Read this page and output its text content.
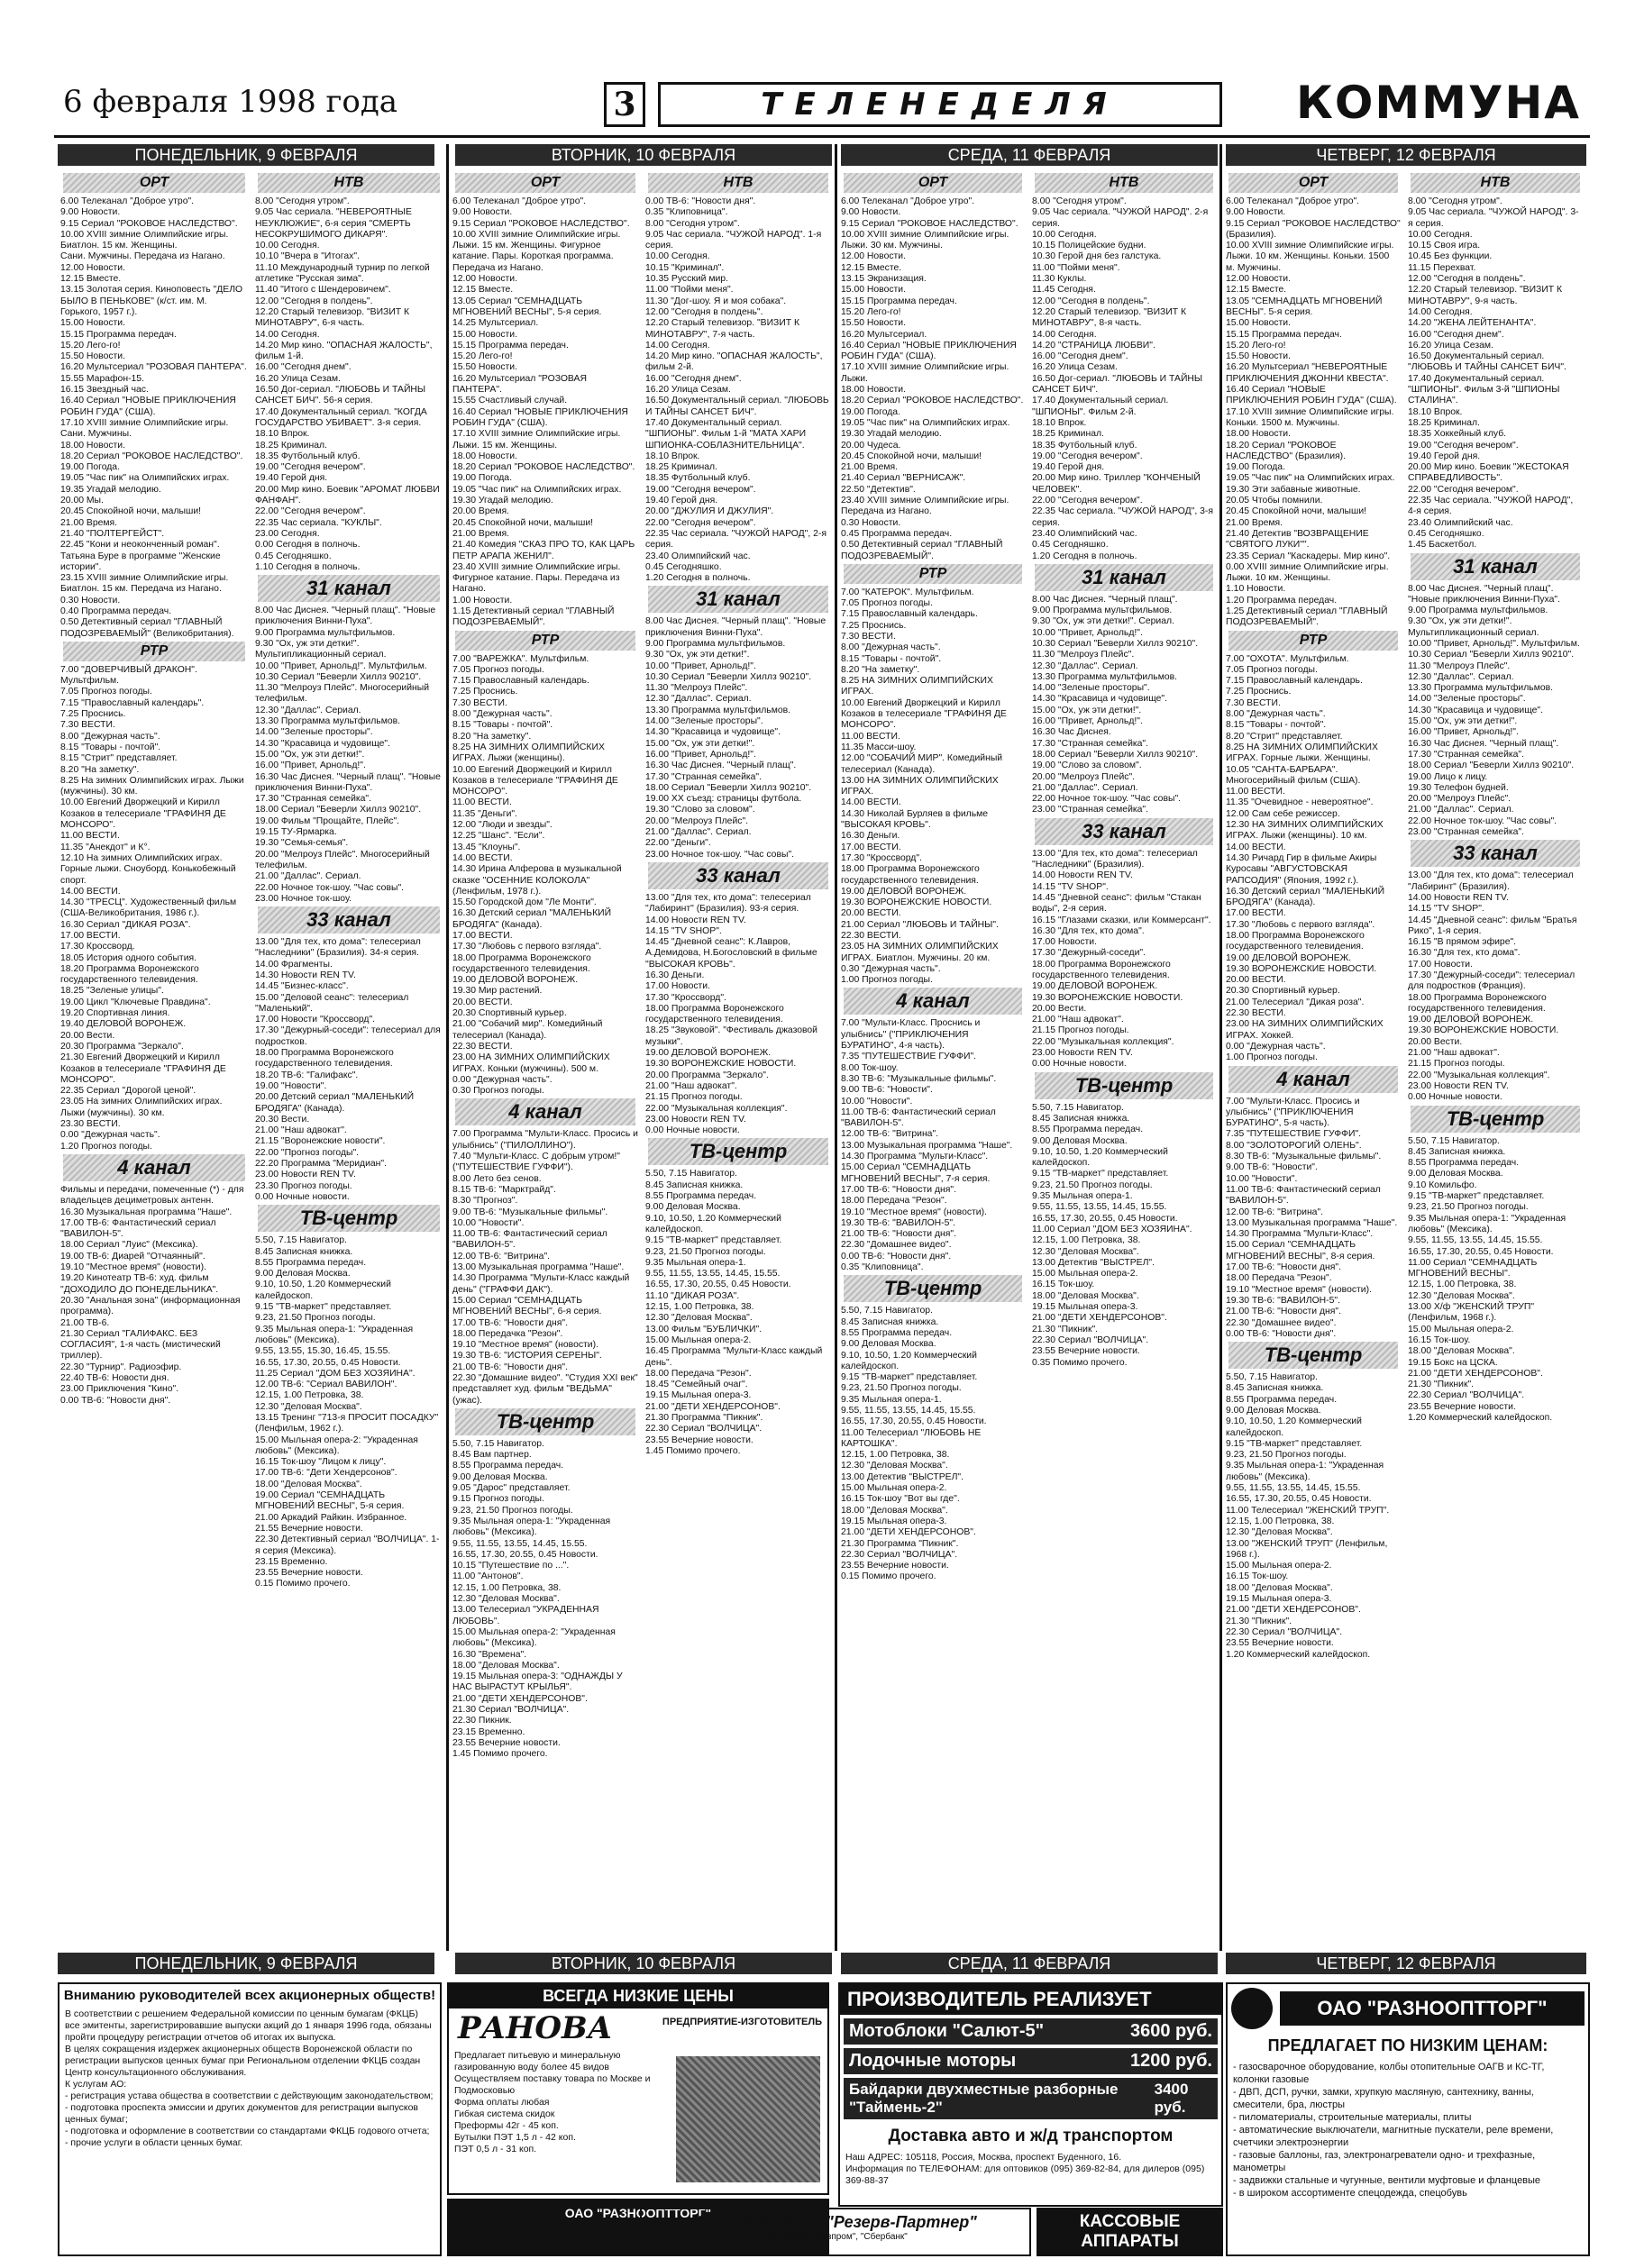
6 февраля 1998 года	3	ТЕЛЕНЕДЕЛЯ	КОММУНА
ПОНЕДЕЛЬНИК, 9 ФЕВРАЛЯ	ВТОРНИК, 10 ФЕВРАЛЯ	СРЕДА, 11 ФЕВРАЛЯ	ЧЕТВЕРГ, 12 ФЕВРАЛЯ
ОРТ
6.00 Телеканал "Доброе утро".
9.00 Новости.
9.15 Сериал "РОКОВОЕ НАСЛЕДСТВО".
10.00 XVIII зимние Олимпийские игры. Биатлон. 15 км. Женщины.
Сани. Мужчины. Передача из Нагано.
12.00 Новости.
12.15 Вместе.
13.15 Золотая серия. Киноповесть "ДЕЛО БЫЛО В ПЕНЬКОВЕ" (к/ст. им. М. Горького, 1957 г.).
15.00 Новости.
15.15 Программа передач.
15.20 Лего-го!
15.50 Новости.
16.20 Мультсериал "РОЗОВАЯ ПАНТЕРА".
15.55 Марафон-15.
16.15 Звездный час.
16.40 Сериал "НОВЫЕ ПРИКЛЮЧЕНИЯ РОБИН ГУДА" (США).
17.10 XVIII зимние Олимпийские игры. Сани. Мужчины.
18.00 Новости.
18.20 Сериал "РОКОВОЕ НАСЛЕДСТВО".
19.00 Погода.
19.05 "Час пик" на Олимпийских играх.
19.35 Угадай мелодию.
20.00 Мы.
20.45 Спокойной ночи, малыши!
21.00 Время.
21.40 "ПОЛТЕРГЕЙСТ".
22.45 "Кони и неоконченный роман". Татьяна Буре в программе "Женские истории".
23.15 XVIII зимние Олимпийские игры. Биатлон. 15 км. Передача из Нагано.
0.30 Новости.
0.40 Программа передач.
0.50 Детективный сериал "ГЛАВНЫЙ ПОДОЗРЕВАЕМЫЙ" (Великобритания).
РТР
7.00 "ДОВЕРЧИВЫЙ ДРАКОН". Мультфильм.
7.05 Прогноз погоды.
7.15 "Православный календарь".
7.25 Проснись.
7.30 ВЕСТИ.
8.00 "Дежурная часть".
8.15 "Товары - почтой".
8.15 "Стрит" представляет.
8.20 "На заметку".
8.25 На зимних Олимпийских играх. Лыжи (мужчины). 30 км.
10.00 Евгений Дворжецкий и Кирилл Козаков в телесериале "ГРАФИНЯ ДЕ МОНСОРО".
11.00 ВЕСТИ.
11.35 "Анекдот" и К°.
12.10 На зимних Олимпийских играх. Горные лыжи. Сноуборд. Конькобежный спорт.
14.00 ВЕСТИ.
14.30 "ТРЕСЦ". Художественный фильм (США-Великобритания, 1986 г.).
16.30 Сериал "ДИКАЯ РОЗА".
17.00 ВЕСТИ.
17.30 Кроссворд.
18.05 История одного события.
18.20 Программа Воронежского государственного телевидения.
18.25 "Зеленые улицы".
19.00 Цикл "Ключевые Правдина".
19.20 Спортивная линия.
19.40 ДЕЛОВОЙ ВОРОНЕЖ.
20.00 Вести.
20.30 Программа "Зеркало".
21.30 Евгений Дворжецкий и Кирилл Козаков в телесериале "ГРАФИНЯ ДЕ МОНСОРО".
22.35 Сериал "Дорогой ценой".
23.05 На зимних Олимпийских играх. Лыжи (мужчины). 30 км.
23.30 ВЕСТИ.
0.00 "Дежурная часть".
1.20 Прогноз погоды.
4 канал
Фильмы и передачи, помеченные (*) - для владельцев дециметровых антенн.
16.30 Музыкальная программа "Наше".
17.00 ТВ-6: Фантастический сериал "ВАВИЛОН-5".
18.00 Сериал "Луис" (Мексика).
19.00 ТВ-6: Диарей "Отчаянный".
19.10 "Местное время" (новости).
19.20 Кинотеатр ТВ-6: худ. фильм "ДОХОДИЛО ДО ПОНЕДЕЛЬНИКА".
20.30 "Анальная зона" (информационная программа).
21.00 ТВ-6.
21.30 Сериал "ГАЛИФАКС. БЕЗ СОГЛАСИЯ", 1-я часть (мистический триллер).
22.30 "Турнир". Радиоэфир.
22.40 ТВ-6: Новости дня.
23.00 Приключения "Кино".
0.00 ТВ-6: "Новости дня".
НТВ
8.00 "Сегодня утром".
9.05 Час сериала. "НЕВЕРОЯТНЫЕ НЕУКЛЮЖИЕ", 6-я серия "СМЕРТЬ НЕСОКРУШИМОГО ДИКАРЯ".
10.00 Сегодня.
10.10 "Вчера в "Итогах".
11.10 Международный турнир по легкой атлетике "Русская зима".
11.40 "Итого с Шендеровичем".
12.00 "Сегодня в полдень".
12.20 Старый телевизор. "ВИЗИТ К МИНОТАВРУ", 6-я часть.
14.00 Сегодня.
14.20 Мир кино. "ОПАСНАЯ ЖАЛОСТЬ", фильм 1-й.
16.00 "Сегодня днем".
16.20 Улица Сезам.
16.50 Дог-сериал. "ЛЮБОВЬ И ТАЙНЫ САНСЕТ БИЧ". 56-я серия.
17.40 Документальный сериал. "КОГДА ГОСУДАРСТВО УБИВАЕТ". 3-я серия.
18.10 Впрок.
18.25 Криминал.
18.35 Футбольный клуб.
19.00 "Сегодня вечером".
19.40 Герой дня.
20.00 Мир кино. Боевик "АРОМАТ ЛЮБВИ ФАНФАН".
22.00 "Сегодня вечером".
22.35 Час сериала. "КУКЛЫ".
23.00 Сегодня.
0.00 Сегодня в полночь.
0.45 Сегодняшко.
1.10 Сегодня в полночь.
31 канал
8.00 Час Диснея. "Черный плащ". "Новые приключения Винни-Пуха".
9.00 Программа мультфильмов.
9.30 "Ох, уж эти детки!". Мультипликационный сериал.
10.00 "Привет, Арнольд!". Мультфильм.
10.30 Сериал "Беверли Хиллз 90210".
11.30 "Мелроуз Плейс". Многосерийный телефильм.
12.30 "Даллас". Сериал.
13.30 Программа мультфильмов.
14.00 "Зеленые просторы".
14.30 "Красавица и чудовище".
15.00 "Ох, уж эти детки!".
16.00 "Привет, Арнольд!".
16.30 Час Диснея. "Черный плащ". "Новые приключения Винни-Пуха".
17.30 "Странная семейка".
18.00 Сериал "Беверли Хиллз 90210".
19.00 Фильм "Прощайте, Плейс".
19.15 ТУ-Ярмарка.
19.30 "Семья-семья".
20.00 "Мелроуз Плейс". Многосерийный телефильм.
21.00 "Даллас". Сериал.
22.00 Ночное ток-шоу. "Час совы".
23.00 Ночное ток-шоу.
33 канал
13.00 "Для тех, кто дома": телесериал "Наследники" (Бразилия). 34-я серия.
14.00 Фрагменты.
14.30 Новости REN TV.
14.45 "Бизнес-класс".
15.00 "Деловой сеанс": телесериал "Маленький".
17.00 Новости "Кроссворд".
17.30 "Дежурный-соседи": телесериал для подростков.
18.00 Программа Воронежского государственного телевидения.
18.20 ТВ-6: "Галифакс".
19.00 "Новости".
20.00 Детский сериал "МАЛЕНЬКИЙ БРОДЯГА" (Канада).
20.30 Вести.
21.00 "Наш адвокат".
21.15 "Воронежские новости".
22.00 "Прогноз погоды".
22.20 Программа "Меридиан".
23.00 Новости REN TV.
23.30 Прогноз погоды.
0.00 Ночные новости.
ТВ-центр
5.50, 7.15 Навигатор.
8.45 Записная книжка.
8.55 Программа передач.
9.00 Деловая Москва.
9.10, 10.50, 1.20 Коммерческий калейдоскоп.
9.15 "ТВ-маркет" представляет.
9.23, 21.50 Прогноз погоды.
9.35 Мыльная опера-1: "Украденная любовь" (Мексика).
9.55, 13.55, 15.30, 16.45, 15.55.
16.55, 17.30, 20.55, 0.45 Новости.
11.25 Сериал "ДОМ БЕЗ ХОЗЯИНА".
12.00 ТВ-6: "Сериал ВАВИЛОН".
12.15, 1.00 Петровка, 38.
12.30 "Деловая Москва".
13.15 Тренинг "713-я ПРОСИТ ПОСАДКУ" (Ленфильм, 1962 г.).
15.00 Мыльная опера-2: "Украденная любовь" (Мексика).
16.15 Ток-шоу "Лицом к лицу".
17.00 ТВ-6: "Дети Хендерсонов".
18.00 "Деловая Москва".
19.00 Сериал "СЕМНАДЦАТЬ МГНОВЕНИЙ ВЕСНЫ", 5-я серия.
21.00 Аркадий Райкин. Избранное.
21.55 Вечерние новости.
22.30 Детективный сериал "ВОЛЧИЦА". 1-я серия (Мексика).
23.15 Временно.
23.55 Вечерние новости.
0.15 Помимо прочего.
ОРТ
6.00 Телеканал "Доброе утро".
9.00 Новости.
9.15 Сериал "РОКОВОЕ НАСЛЕДСТВО".
10.00 XVIII зимние Олимпийские игры. Лыжи. 15 км. Женщины. Фигурное катание. Пары. Короткая программа. Передача из Нагано.
12.00 Новости.
12.15 Вместе.
13.05 Сериал "СЕМНАДЦАТЬ МГНОВЕНИЙ ВЕСНЫ", 5-я серия.
14.25 Мультсериал.
15.00 Новости.
15.15 Программа передач.
15.20 Лего-го!
15.50 Новости.
16.20 Мультсериал "РОЗОВАЯ ПАНТЕРА".
15.55 Счастливый случай.
16.40 Сериал "НОВЫЕ ПРИКЛЮЧЕНИЯ РОБИН ГУДА" (США).
17.10 XVIII зимние Олимпийские игры. Лыжи. 15 км. Женщины.
18.00 Новости.
18.20 Сериал "РОКОВОЕ НАСЛЕДСТВО".
19.00 Погода.
19.05 "Час пик" на Олимпийских играх.
19.30 Угадай мелодию.
20.00 Время.
20.45 Спокойной ночи, малыши!
21.00 Время.
21.40 Комедия "СКАЗ ПРО ТО, КАК ЦАРЬ ПЕТР АРАПА ЖЕНИЛ".
23.40 XVIII зимние Олимпийские игры. Фигурное катание. Пары. Передача из Нагано.
1.00 Новости.
1.15 Детективный сериал "ГЛАВНЫЙ ПОДОЗРЕВАЕМЫЙ".
РТР
7.00 "ВАРЕЖКА". Мультфильм.
7.05 Прогноз погоды.
7.15 Православный календарь.
7.25 Проснись.
7.30 ВЕСТИ.
8.00 "Дежурная часть".
8.15 "Товары - почтой".
8.20 "На заметку".
8.25 НА ЗИМНИХ ОЛИМПИЙСКИХ ИГРАХ. Лыжи (женщины).
10.00 Евгений Дворжецкий и Кирилл Козаков в телесериале "ГРАФИНЯ ДЕ МОНСОРО".
11.00 ВЕСТИ.
11.35 "Деньги".
12.00 "Люди и звезды".
12.25 "Шанс". "Если".
13.45 "Клоуны".
14.00 ВЕСТИ.
14.30 Ирина Алферова в музыкальной сказке "ОСЕННИЕ КОЛОКОЛА" (Ленфильм, 1978 г.).
15.50 Городской дом "Ле Монти".
16.30 Детский сериал "МАЛЕНЬКИЙ БРОДЯГА" (Канада).
17.00 ВЕСТИ.
17.30 "Любовь с первого взгляда".
18.00 Программа Воронежского государственного телевидения.
19.00 ДЕЛОВОЙ ВОРОНЕЖ.
19.30 Мир растений.
20.00 ВЕСТИ.
20.30 Спортивный курьер.
21.00 "Собачий мир". Комедийный телесериал (Канада).
22.30 ВЕСТИ.
23.00 НА ЗИМНИХ ОЛИМПИЙСКИХ ИГРАХ. Коньки (мужчины). 500 м.
0.00 "Дежурная часть".
0.30 Прогноз погоды.
4 канал
7.00 Программа "Мульти-Класс. Просись и улыбнись" ("ПИЛОЛЛИНО").
7.40 "Мульти-Класс. С добрым утром!" ("ПУТЕШЕСТВИЕ ГУФФИ").
8.00 Лето без сенов.
8.15 ТВ-6: "Марктрайд".
8.30 "Прогноз".
9.00 ТВ-6: "Музыкальные фильмы".
10.00 "Новости".
11.00 ТВ-6: Фантастический сериал "ВАВИЛОН-5".
12.00 ТВ-6: "Витрина".
13.00 Музыкальная программа "Наше".
14.30 Программа "Мульти-Класс каждый день" ("ГРАФФИ ДАК").
15.00 Сериал "СЕМНАДЦАТЬ МГНОВЕНИЙ ВЕСНЫ", 6-я серия.
17.00 ТВ-6: "Новости дня".
18.00 Передачка "Резон".
19.10 "Местное время" (новости).
19.30 ТВ-6: "ИСТОРИЯ СЕРЕНЫ".
21.00 ТВ-6: "Новости дня".
22.30 "Домашние видео". "Студия XXI век" представляет худ. фильм "ВЕДЬМА" (ужас).
ТВ-центр
5.50, 7.15 Навигатор.
8.45 Вам партнер.
8.55 Программа передач.
9.00 Деловая Москва.
9.05 "Дарос" представляет.
9.15 Прогноз погоды.
9.23, 21.50 Прогноз погоды.
9.35 Мыльная опера-1: "Украденная любовь" (Мексика).
9.55, 11.55, 13.55, 14.45, 15.55.
16.55, 17.30, 20.55, 0.45 Новости.
10.15 "Путешествие по ...".
11.00 "Антонов".
12.15, 1.00 Петровка, 38.
12.30 "Деловая Москва".
13.00 Телесериал "УКРАДЕННАЯ ЛЮБОВЬ".
15.00 Мыльная опера-2: "Украденная любовь" (Мексика).
16.30 "Времена".
18.00 "Деловая Москва".
19.15 Мыльная опера-3: "ОДНАЖДЫ У НАС ВЫРАСТУТ КРЫЛЬЯ".
21.00 "ДЕТИ ХЕНДЕРСОНОВ".
21.30 Сериал "ВОЛЧИЦА".
22.30 Пикник.
23.15 Временно.
23.55 Вечерние новости.
1.45 Помимо прочего.
НТВ
0.00 ТВ-6: "Новости дня".
0.35 "Клиповница".
8.00 "Сегодня утром".
9.05 Час сериала. "ЧУЖОЙ НАРОД". 1-я серия.
10.00 Сегодня.
10.15 "Криминал".
10.35 Русский мир.
11.00 "Пойми меня".
11.30 "Дог-шоу. Я и моя собака".
12.00 "Сегодня в полдень".
12.20 Старый телевизор. "ВИЗИТ К МИНОТАВРУ", 7-я часть.
14.00 Сегодня.
14.20 Мир кино. "ОПАСНАЯ ЖАЛОСТЬ", фильм 2-й.
16.00 "Сегодня днем".
16.20 Улица Сезам.
16.50 Документальный сериал. "ЛЮБОВЬ И ТАЙНЫ САНСЕТ БИЧ".
17.40 Документальный сериал. "ШПИОНЫ". Фильм 1-й "МАТА ХАРИ ШПИОНКА-СОБЛАЗНИТЕЛЬНИЦА".
18.10 Впрок.
18.25 Криминал.
18.35 Футбольный клуб.
19.00 "Сегодня вечером".
19.40 Герой дня.
20.00 "ДЖУЛИЯ И ДЖУЛИЯ".
22.00 "Сегодня вечером".
22.35 Час сериала. "ЧУЖОЙ НАРОД", 2-я серия.
23.40 Олимпийский час.
0.45 Сегодняшко.
1.20 Сегодня в полночь.
31 канал
8.00 Час Диснея. "Черный плащ". "Новые приключения Винни-Пуха".
9.00 Программа мультфильмов.
9.30 "Ох, уж эти детки!".
10.00 "Привет, Арнольд!".
10.30 Сериал "Беверли Хиллз 90210".
11.30 "Мелроуз Плейс".
12.30 "Даллас". Сериал.
13.30 Программа мультфильмов.
14.00 "Зеленые просторы".
14.30 "Красавица и чудовище".
15.00 "Ох, уж эти детки!".
16.00 "Привет, Арнольд!".
16.30 Час Диснея. "Черный плащ".
17.30 "Странная семейка".
18.00 Сериал "Беверли Хиллз 90210".
19.00 XX съезд: страницы футбола.
19.30 "Слово за словом".
20.00 "Мелроуз Плейс".
21.00 "Даллас". Сериал.
22.00 "Деньги".
23.00 Ночное ток-шоу. "Час совы".
33 канал
13.00 "Для тех, кто дома": телесериал "Лабиринт" (Бразилия). 93-я серия.
14.00 Новости REN TV.
14.15 "TV SHOP".
14.45 "Дневной сеанс": К.Лавров, А.Демидова, Н.Богословский в фильме "ВЫСОКАЯ КРОВЬ".
16.30 Деньги.
17.00 Новости.
17.30 "Кроссворд".
18.00 Программа Воронежского государственного телевидения.
18.25 "Звуковой". "Фестиваль джазовой музыки".
19.00 ДЕЛОВОЙ ВОРОНЕЖ.
19.30 ВОРОНЕЖСКИЕ НОВОСТИ.
20.00 Программа "Зеркало".
21.00 "Наш адвокат".
21.15 Прогноз погоды.
22.00 "Музыкальная коллекция".
23.00 Новости REN TV.
0.00 Ночные новости.
ТВ-центр
5.50, 7.15 Навигатор.
8.45 Записная книжка.
8.55 Программа передач.
9.00 Деловая Москва.
9.10, 10.50, 1.20 Коммерческий калейдоскоп.
9.15 "ТВ-маркет" представляет.
9.23, 21.50 Прогноз погоды.
9.35 Мыльная опера-1.
9.55, 11.55, 13.55, 14.45, 15.55.
16.55, 17.30, 20.55, 0.45 Новости.
11.10 "ДИКАЯ РОЗА".
12.15, 1.00 Петровка, 38.
12.30 "Деловая Москва".
13.00 Фильм "БУБЛИЧКИ".
15.00 Мыльная опера-2.
16.45 Программа "Мульти-Класс каждый день".
18.00 Передача "Резон".
18.45 "Семейный очаг".
19.15 Мыльная опера-3.
21.00 "ДЕТИ ХЕНДЕРСОНОВ".
21.30 Программа "Пикник".
22.30 Сериал "ВОЛЧИЦА".
23.55 Вечерние новости.
1.45 Помимо прочего.
ОРТ
6.00 Телеканал "Доброе утро".
9.00 Новости.
9.15 Сериал "РОКОВОЕ НАСЛЕДСТВО".
10.00 XVIII зимние Олимпийские игры. Лыжи. 30 км. Мужчины.
12.00 Новости.
12.15 Вместе.
13.15 Экранизация.
15.00 Новости.
15.15 Программа передач.
15.20 Лего-го!
15.50 Новости.
16.20 Мультсериал.
16.40 Сериал "НОВЫЕ ПРИКЛЮЧЕНИЯ РОБИН ГУДА" (США).
17.10 XVIII зимние Олимпийские игры. Лыжи.
18.00 Новости.
18.20 Сериал "РОКОВОЕ НАСЛЕДСТВО".
19.00 Погода.
19.05 "Час пик" на Олимпийских играх.
19.30 Угадай мелодию.
20.00 Чудеса.
20.45 Спокойной ночи, малыши!
21.00 Время.
21.40 Сериал "ВЕРНИСАЖ".
22.50 "Детектив".
23.40 XVIII зимние Олимпийские игры. Передача из Нагано.
0.30 Новости.
0.45 Программа передач.
0.50 Детективный сериал "ГЛАВНЫЙ ПОДОЗРЕВАЕМЫЙ".
РТР
7.00 "КАТЕРОК". Мультфильм.
7.05 Прогноз погоды.
7.15 Православный календарь.
7.25 Проснись.
7.30 ВЕСТИ.
8.00 "Дежурная часть".
8.15 "Товары - почтой".
8.20 "На заметку".
8.25 НА ЗИМНИХ ОЛИМПИЙСКИХ ИГРАХ.
10.00 Евгений Дворжецкий и Кирилл Козаков в телесериале "ГРАФИНЯ ДЕ МОНСОРО".
11.00 ВЕСТИ.
11.35 Масси-шоу.
12.00 "СОБАЧИЙ МИР". Комедийный телесериал (Канада).
13.00 НА ЗИМНИХ ОЛИМПИЙСКИХ ИГРАХ.
14.00 ВЕСТИ.
14.30 Николай Бурляев в фильме "ВЫСОКАЯ КРОВЬ".
16.30 Деньги.
17.00 ВЕСТИ.
17.30 "Кроссворд".
18.00 Программа Воронежского государственного телевидения.
19.00 ДЕЛОВОЙ ВОРОНЕЖ.
19.30 ВОРОНЕЖСКИЕ НОВОСТИ.
20.00 ВЕСТИ.
21.00 Сериал "ЛЮБОВЬ И ТАЙНЫ".
22.30 ВЕСТИ.
23.05 НА ЗИМНИХ ОЛИМПИЙСКИХ ИГРАХ. Биатлон. Мужчины. 20 км.
0.30 "Дежурная часть".
1.00 Прогноз погоды.
4 канал
7.00 "Мульти-Класс. Проснись и улыбнись" ("ПРИКЛЮЧЕНИЯ БУРАТИНО", 4-я часть).
7.35 "ПУТЕШЕСТВИЕ ГУФФИ".
8.00 Ток-шоу.
8.30 ТВ-6: "Музыкальные фильмы".
9.00 ТВ-6: "Новости".
10.00 "Новости".
11.00 ТВ-6: Фантастический сериал "ВАВИЛОН-5".
12.00 ТВ-6: "Витрина".
13.00 Музыкальная программа "Наше".
14.30 Программа "Мульти-Класс".
15.00 Сериал "СЕМНАДЦАТЬ МГНОВЕНИЙ ВЕСНЫ", 7-я серия.
17.00 ТВ-6: "Новости дня".
18.00 Передача "Резон".
19.10 "Местное время" (новости).
19.30 ТВ-6: "ВАВИЛОН-5".
21.00 ТВ-6: "Новости дня".
22.30 "Домашнее видео".
0.00 ТВ-6: "Новости дня".
0.35 "Клиповница".
ТВ-центр
5.50, 7.15 Навигатор.
8.45 Записная книжка.
8.55 Программа передач.
9.00 Деловая Москва.
9.10, 10.50, 1.20 Коммерческий калейдоскоп.
9.15 "ТВ-маркет" представляет.
9.23, 21.50 Прогноз погоды.
9.35 Мыльная опера-1.
9.55, 11.55, 13.55, 14.45, 15.55.
16.55, 17.30, 20.55, 0.45 Новости.
11.00 Телесериал "ЛЮБОВЬ НЕ КАРТОШКА".
12.15, 1.00 Петровка, 38.
12.30 "Деловая Москва".
13.00 Детектив "ВЫСТРЕЛ".
15.00 Мыльная опера-2.
16.15 Ток-шоу "Вот вы где".
18.00 "Деловая Москва".
19.15 Мыльная опера-3.
21.00 "ДЕТИ ХЕНДЕРСОНОВ".
21.30 Программа "Пикник".
22.30 Сериал "ВОЛЧИЦА".
23.55 Вечерние новости.
0.15 Помимо прочего.
НТВ
8.00 "Сегодня утром".
9.05 Час сериала. "ЧУЖОЙ НАРОД". 2-я серия.
10.00 Сегодня.
10.15 Полицейские будни.
10.30 Герой дня без галстука.
11.00 "Пойми меня".
11.30 Куклы.
11.45 Сегодня.
12.00 "Сегодня в полдень".
12.20 Старый телевизор. "ВИЗИТ К МИНОТАВРУ", 8-я часть.
14.00 Сегодня.
14.20 "СТРАНИЦА ЛЮБВИ".
16.00 "Сегодня днем".
16.20 Улица Сезам.
16.50 Дог-сериал. "ЛЮБОВЬ И ТАЙНЫ САНСЕТ БИЧ".
17.40 Документальный сериал. "ШПИОНЫ". Фильм 2-й.
18.10 Впрок.
18.25 Криминал.
18.35 Футбольный клуб.
19.00 "Сегодня вечером".
19.40 Герой дня.
20.00 Мир кино. Триллер "КОНЧЕНЫЙ ЧЕЛОВЕК".
22.00 "Сегодня вечером".
22.35 Час сериала. "ЧУЖОЙ НАРОД", 3-я серия.
23.40 Олимпийский час.
0.45 Сегодняшко.
1.20 Сегодня в полночь.
31 канал
8.00 Час Диснея. "Черный плащ".
9.00 Программа мультфильмов.
9.30 "Ох, уж эти детки!". Сериал.
10.00 "Привет, Арнольд!".
10.30 Сериал "Беверли Хиллз 90210".
11.30 "Мелроуз Плейс".
12.30 "Даллас". Сериал.
13.30 Программа мультфильмов.
14.00 "Зеленые просторы".
14.30 "Красавица и чудовище".
15.00 "Ох, уж эти детки!".
16.00 "Привет, Арнольд!".
16.30 Час Диснея.
17.30 "Странная семейка".
18.00 Сериал "Беверли Хиллз 90210".
19.00 "Слово за словом".
20.00 "Мелроуз Плейс".
21.00 "Даллас". Сериал.
22.00 Ночное ток-шоу. "Час совы".
23.00 "Странная семейка".
33 канал
13.00 "Для тех, кто дома": телесериал "Наследники" (Бразилия).
14.00 Новости REN TV.
14.15 "TV SHOP".
14.45 "Дневной сеанс": фильм "Стакан воды", 2-я серия.
16.15 "Глазами сказки, или Коммерсант".
16.30 "Для тех, кто дома".
17.00 Новости.
17.30 "Дежурный-соседи".
18.00 Программа Воронежского государственного телевидения.
19.00 ДЕЛОВОЙ ВОРОНЕЖ.
19.30 ВОРОНЕЖСКИЕ НОВОСТИ.
20.00 Вести.
21.00 "Наш адвокат".
21.15 Прогноз погоды.
22.00 "Музыкальная коллекция".
23.00 Новости REN TV.
0.00 Ночные новости.
ТВ-центр
5.50, 7.15 Навигатор.
8.45 Записная книжка.
8.55 Программа передач.
9.00 Деловая Москва.
9.10, 10.50, 1.20 Коммерческий калейдоскоп.
9.15 "ТВ-маркет" представляет.
9.23, 21.50 Прогноз погоды.
9.35 Мыльная опера-1.
9.55, 11.55, 13.55, 14.45, 15.55.
16.55, 17.30, 20.55, 0.45 Новости.
11.00 Сериал "ДОМ БЕЗ ХОЗЯИНА".
12.15, 1.00 Петровка, 38.
12.30 "Деловая Москва".
13.00 Детектив "ВЫСТРЕЛ".
15.00 Мыльная опера-2.
16.15 Ток-шоу.
18.00 "Деловая Москва".
19.15 Мыльная опера-3.
21.00 "ДЕТИ ХЕНДЕРСОНОВ".
21.30 "Пикник".
22.30 Сериал "ВОЛЧИЦА".
23.55 Вечерние новости.
0.35 Помимо прочего.
ОРТ
6.00 Телеканал "Доброе утро".
9.00 Новости.
9.15 Сериал "РОКОВОЕ НАСЛЕДСТВО" (Бразилия).
10.00 XVIII зимние Олимпийские игры. Лыжи. 10 км. Женщины. Коньки. 1500 м. Мужчины.
12.00 Новости.
12.15 Вместе.
13.05 "СЕМНАДЦАТЬ МГНОВЕНИЙ ВЕСНЫ". 5-я серия.
15.00 Новости.
15.15 Программа передач.
15.20 Лего-го!
15.50 Новости.
16.20 Мультсериал "НЕВЕРОЯТНЫЕ ПРИКЛЮЧЕНИЯ ДЖОННИ КВЕСТА".
16.40 Сериал "НОВЫЕ ПРИКЛЮЧЕНИЯ РОБИН ГУДА" (США).
17.10 XVIII зимние Олимпийские игры. Коньки. 1500 м. Мужчины.
18.00 Новости.
18.20 Сериал "РОКОВОЕ НАСЛЕДСТВО" (Бразилия).
19.00 Погода.
19.05 "Час пик" на Олимпийских играх.
19.30 Эти забавные животные.
20.05 Чтобы помнили.
20.45 Спокойной ночи, малыши!
21.00 Время.
21.40 Детектив "ВОЗВРАЩЕНИЕ "СВЯТОГО ЛУКИ"".
23.35 Сериал "Каскадеры. Мир кино".
0.00 XVIII зимние Олимпийские игры. Лыжи. 10 км. Женщины.
1.10 Новости.
1.20 Программа передач.
1.25 Детективный сериал "ГЛАВНЫЙ ПОДОЗРЕВАЕМЫЙ".
РТР
7.00 "ОХОТА". Мультфильм.
7.05 Прогноз погоды.
7.15 Православный календарь.
7.25 Проснись.
7.30 ВЕСТИ.
8.00 "Дежурная часть".
8.15 "Товары - почтой".
8.20 "Стрит" представляет.
8.25 НА ЗИМНИХ ОЛИМПИЙСКИХ ИГРАХ. Горные лыжи. Женщины.
10.05 "САНТА-БАРБАРА". Многосерийный фильм (США).
11.00 ВЕСТИ.
11.35 "Очевидное - невероятное".
12.00 Сам себе режиссер.
12.30 НА ЗИМНИХ ОЛИМПИЙСКИХ ИГРАХ. Лыжи (женщины). 10 км.
14.00 ВЕСТИ.
14.30 Ричард Гир в фильме Акиры Куросавы "АВГУСТОВСКАЯ РАПСОДИЯ" (Япония, 1992 г.).
16.30 Детский сериал "МАЛЕНЬКИЙ БРОДЯГА" (Канада).
17.00 ВЕСТИ.
17.30 "Любовь с первого взгляда".
18.00 Программа Воронежского государственного телевидения.
19.00 ДЕЛОВОЙ ВОРОНЕЖ.
19.30 ВОРОНЕЖСКИЕ НОВОСТИ.
20.00 ВЕСТИ.
20.30 Спортивный курьер.
21.00 Телесериал "Дикая роза".
22.30 ВЕСТИ.
23.00 НА ЗИМНИХ ОЛИМПИЙСКИХ ИГРАХ. Хоккей.
0.00 "Дежурная часть".
1.00 Прогноз погоды.
4 канал
7.00 "Мульти-Класс. Просись и улыбнись" ("ПРИКЛЮЧЕНИЯ БУРАТИНО", 5-я часть).
7.35 "ПУТЕШЕСТВИЕ ГУФФИ".
8.00 "ЗОЛОТОРОГИЙ ОЛЕНЬ".
8.30 ТВ-6: "Музыкальные фильмы".
9.00 ТВ-6: "Новости".
10.00 "Новости".
11.00 ТВ-6: Фантастический сериал "ВАВИЛОН-5".
12.00 ТВ-6: "Витрина".
13.00 Музыкальная программа "Наше".
14.30 Программа "Мульти-Класс".
15.00 Сериал "СЕМНАДЦАТЬ МГНОВЕНИЙ ВЕСНЫ", 8-я серия.
17.00 ТВ-6: "Новости дня".
18.00 Передача "Резон".
19.10 "Местное время" (новости).
19.30 ТВ-6: "ВАВИЛОН-5".
21.00 ТВ-6: "Новости дня".
22.30 "Домашнее видео".
0.00 ТВ-6: "Новости дня".
ТВ-центр
5.50, 7.15 Навигатор.
8.45 Записная книжка.
8.55 Программа передач.
9.00 Деловая Москва.
9.10, 10.50, 1.20 Коммерческий калейдоскоп.
9.15 "ТВ-маркет" представляет.
9.23, 21.50 Прогноз погоды.
9.35 Мыльная опера-1: "Украденная любовь" (Мексика).
9.55, 11.55, 13.55, 14.45, 15.55.
16.55, 17.30, 20.55, 0.45 Новости.
11.00 Телесериал "ЖЕНСКИЙ ТРУП".
12.15, 1.00 Петровка, 38.
12.30 "Деловая Москва".
13.00 "ЖЕНСКИЙ ТРУП" (Ленфильм, 1968 г.).
15.00 Мыльная опера-2.
16.15 Ток-шоу.
18.00 "Деловая Москва".
19.15 Мыльная опера-3.
21.00 "ДЕТИ ХЕНДЕРСОНОВ".
21.30 "Пикник".
22.30 Сериал "ВОЛЧИЦА".
23.55 Вечерние новости.
1.20 Коммерческий калейдоскоп.
НТВ
8.00 "Сегодня утром".
9.05 Час сериала. "ЧУЖОЙ НАРОД". 3-я серия.
10.00 Сегодня.
10.15 Своя игра.
10.45 Без функции.
11.15 Перехват.
12.00 "Сегодня в полдень".
12.20 Старый телевизор. "ВИЗИТ К МИНОТАВРУ", 9-я часть.
14.00 Сегодня.
14.20 "ЖЕНА ЛЕЙТЕНАНТА".
16.00 "Сегодня днем".
16.20 Улица Сезам.
16.50 Документальный сериал. "ЛЮБОВЬ И ТАЙНЫ САНСЕТ БИЧ".
17.40 Документальный сериал. "ШПИОНЫ". Фильм 3-й "ШПИОНЫ СТАЛИНА".
18.10 Впрок.
18.25 Криминал.
18.35 Хоккейный клуб.
19.00 "Сегодня вечером".
19.40 Герой дня.
20.00 Мир кино. Боевик "ЖЕСТОКАЯ СПРАВЕДЛИВОСТЬ".
22.00 "Сегодня вечером".
22.35 Час сериала. "ЧУЖОЙ НАРОД", 4-я серия.
23.40 Олимпийский час.
0.45 Сегодняшко.
1.45 Баскетбол.
31 канал
8.00 Час Диснея. "Черный плащ". "Новые приключения Винни-Пуха".
9.00 Программа мультфильмов.
9.30 "Ох, уж эти детки!". Мультипликационный сериал.
10.00 "Привет, Арнольд!". Мультфильм.
10.30 Сериал "Беверли Хиллз 90210".
11.30 "Мелроуз Плейс".
12.30 "Даллас". Сериал.
13.30 Программа мультфильмов.
14.00 "Зеленые просторы".
14.30 "Красавица и чудовище".
15.00 "Ох, уж эти детки!".
16.00 "Привет, Арнольд!".
16.30 Час Диснея. "Черный плащ".
17.30 "Странная семейка".
18.00 Сериал "Беверли Хиллз 90210".
19.00 Лицо к лицу.
19.30 Телефон будней.
20.00 "Мелроуз Плейс".
21.00 "Даллас". Сериал.
22.00 Ночное ток-шоу. "Час совы".
23.00 "Странная семейка".
33 канал
13.00 "Для тех, кто дома": телесериал "Лабиринт" (Бразилия).
14.00 Новости REN TV.
14.15 "TV SHOP".
14.45 "Дневной сеанс": фильм "Братья Рико", 1-я серия.
16.15 "В прямом эфире".
16.30 "Для тех, кто дома".
17.00 Новости.
17.30 "Дежурный-соседи": телесериал для подростков (Франция).
18.00 Программа Воронежского государственного телевидения.
19.00 ДЕЛОВОЙ ВОРОНЕЖ.
19.30 ВОРОНЕЖСКИЕ НОВОСТИ.
20.00 Вести.
21.00 "Наш адвокат".
21.15 Прогноз погоды.
22.00 "Музыкальная коллекция".
23.00 Новости REN TV.
0.00 Ночные новости.
ТВ-центр
5.50, 7.15 Навигатор.
8.45 Записная книжка.
8.55 Программа передач.
9.00 Деловая Москва.
9.10 Комильфо.
9.15 "ТВ-маркет" представляет.
9.23, 21.50 Прогноз погоды.
9.35 Мыльная опера-1: "Украденная любовь" (Мексика).
9.55, 11.55, 13.55, 14.45, 15.55.
16.55, 17.30, 20.55, 0.45 Новости.
11.00 Сериал "СЕМНАДЦАТЬ МГНОВЕНИЙ ВЕСНЫ".
12.15, 1.00 Петровка, 38.
12.30 "Деловая Москва".
13.00 Х/ф "ЖЕНСКИЙ ТРУП" (Ленфильм, 1968 г.).
15.00 Мыльная опера-2.
16.15 Ток-шоу.
18.00 "Деловая Москва".
19.15 Бокс на ЦСКА.
21.00 "ДЕТИ ХЕНДЕРСОНОВ".
21.30 "Пикник".
22.30 Сериал "ВОЛЧИЦА".
23.55 Вечерние новости.
1.20 Коммерческий калейдоскоп.
ПОНЕДЕЛЬНИК, 9 ФЕВРАЛЯ	ВТОРНИК, 10 ФЕВРАЛЯ	СРЕДА, 11 ФЕВРАЛЯ	ЧЕТВЕРГ, 12 ФЕВРАЛЯ
Вниманию руководителей всех акционерных обществ!
В соответствии с решением Федеральной комиссии по ценным бумагам (ФКЦБ) все эмитенты, зарегистрировавшие выпуски акций до 1 января 1996 года, обязаны пройти процедуру регистрации отчетов об итогах их выпуска.
В целях сокращения издержек акционерных обществ Воронежской области по регистрации выпусков ценных бумаг при Региональном отделении ФКЦБ создан Центр консультационного обслуживания.
К услугам АО:
- регистрация устава общества в соответствии с действующим законодательством;
- подготовка проспекта эмиссии и других документов для регистрации выпусков ценных бумаг;
- подготовка и оформление в соответствии со стандартами ФКЦБ годового отчета;
- прочие услуги в области ценных бумаг.
ВСЕГДА НИЗКИЕ ЦЕНЫ
РАНОВА	ПРЕДПРИЯТИЕ-ИЗГОТОВИТЕЛЬ
Предлагает питьевую и минеральную газированную воду более 45 видов
Осуществляем поставку товара по Москве и Подмосковью
Форма оплаты любая
Гибкая система скидок
Преформы 42г - 45 коп.
Бутылки ПЭТ 1,5 л - 42 коп.
ПЭТ 0,5 л - 31 коп.
ОАО "РАЗНООПТТОРГ"
ПРОИЗВОДИТЕЛЬ РЕАЛИЗУЕТ
Мотоблоки "Салют-5"	3600 руб.
Лодочные моторы	1200 руб.
Байдарки двухместные разборные "Таймень-2"
3400 руб.
Доставка авто и ж/д транспортом
Наш АДРЕС: 105118, Россия, Москва, проспект Буденного, 16.
Информация по ТЕЛЕФОНАМ: для оптовиков (095) 369-82-84, для дилеров (095) 369-88-37
ОАО "Компания "Резерв-Партнер"
РАО "ЕЭС", "Газпром", "Сбербанк"
КАССОВЫЕ АППАРАТЫ
ОАО "РАЗНООПТТОРГ"
ПРЕДЛАГАЕТ ПО НИЗКИМ ЦЕНАМ:
- газосварочное оборудование, колбы отопительные ОАГВ и КС-ТГ, колонки газовые
- ДВП, ДСП, ручки, замки, хрупкую масляную, сантехнику, ванны, смесители, бра, люстры
- пиломатериалы, строительные материалы, плиты
- автоматические выключатели, магнитные пускатели, реле времени, счетчики электроэнергии
- газовые баллоны, газ, электронагреватели одно- и трехфазные, манометры
- задвижки стальные и чугунные, вентили муфтовые и фланцевые
- в широком ассортименте спецодежда, спецобувь
